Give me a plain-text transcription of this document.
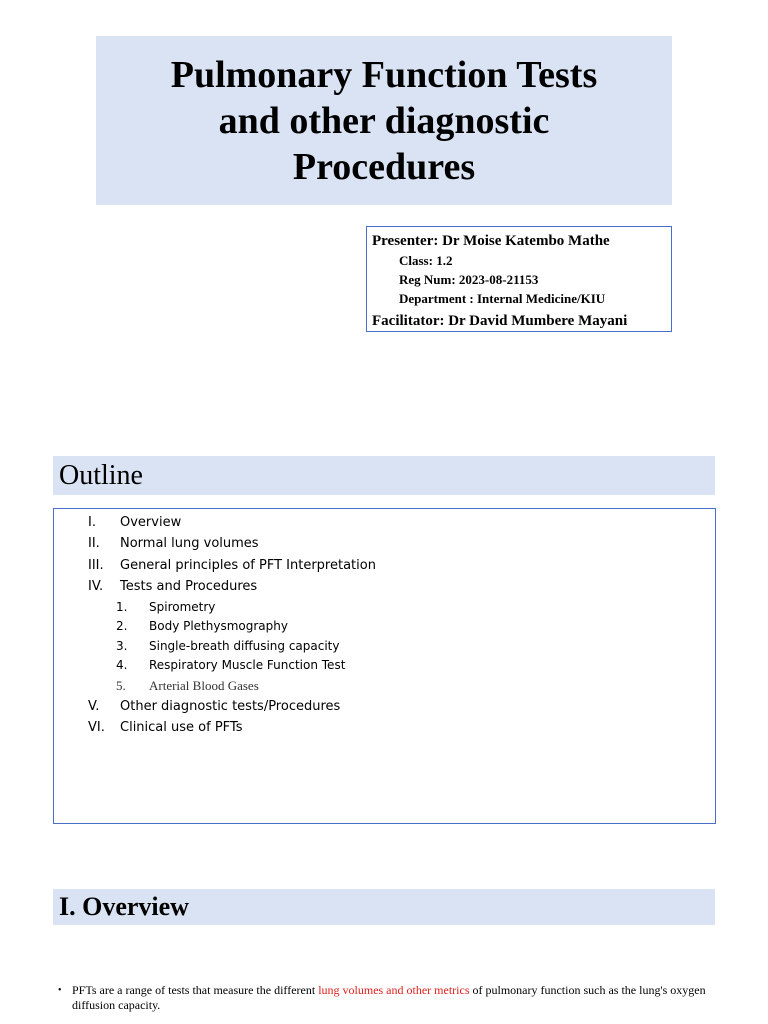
Pulmonary Function Tests
and other diagnostic
Procedures
Presenter: Dr Moise Katembo Mathe
Class: 1.2
Reg Num: 2023-08-21153
Department : Internal Medicine/KIU
Facilitator: Dr David Mumbere Mayani
Outline
I.	Overview
II.	Normal lung volumes
III.	General principles of PFT Interpretation
IV.	Tests and Procedures
1.	Spirometry
2.	Body Plethysmography
3.	Single-breath diffusing capacity
4.	Respiratory Muscle Function Test
5.	Arterial Blood Gases
V.	Other diagnostic tests/Procedures
VI.	Clinical use of PFTs
I. Overview
• PFTs are a range of tests that measure the different lung volumes and other metrics of pulmonary function such as the lung's oxygen diffusion capacity.
